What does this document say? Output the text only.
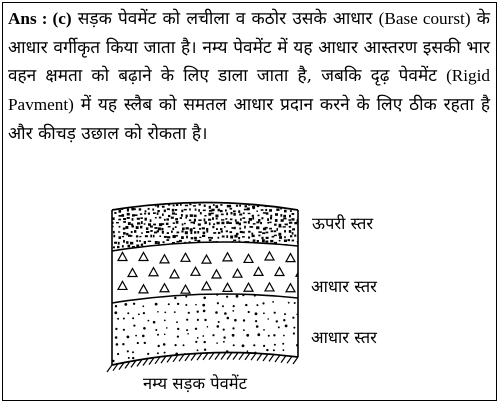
Ans : (c) सड़क पेवमेंट को लचीला व कठोर उसके आधार (Base courst) के आधार वर्गीकृत किया जाता है। नम्य पेवमेंट में यह आधार आस्तरण इसकी भार वहन क्षमता को बढ़ाने के लिए डाला जाता है, जबकि दृढ़ पेवमेंट (Rigid Pavment) में यह स्लैब को समतल आधार प्रदान करने के लिए ठीक रहता है और कीचड़ उछाल को रोकता है।
ऊपरी स्तर
आधार स्तर
आधार स्तर
नम्य सड़क पेवमेंट
